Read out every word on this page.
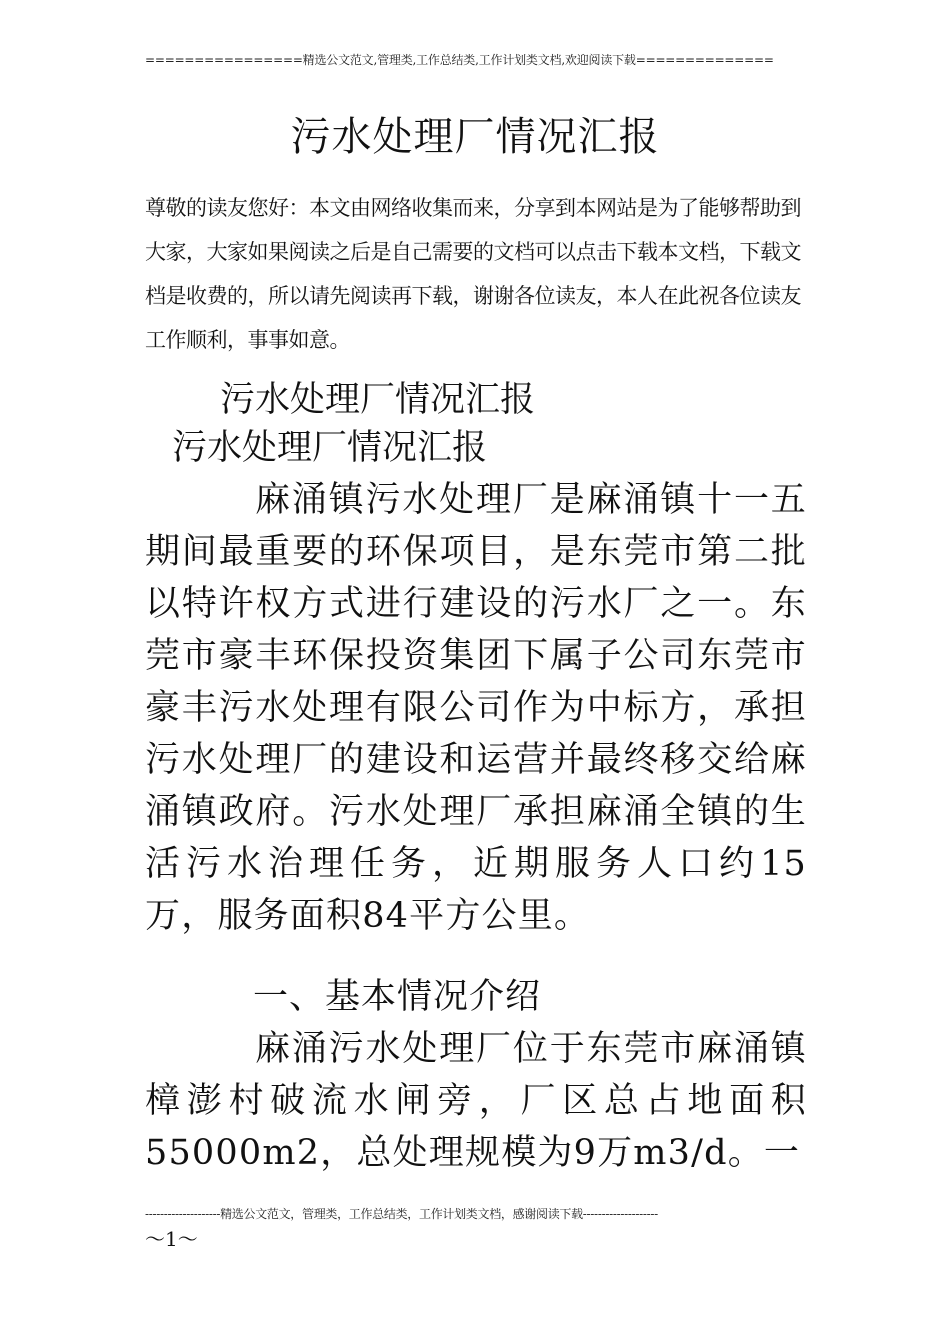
================精选公文范文,管理类,工作总结类,工作计划类文档,欢迎阅读下载==============
污水处理厂情况汇报
尊敬的读友您好：本文由网络收集而来，分享到本网站是为了能够帮助到大家，大家如果阅读之后是自己需要的文档可以点击下载本文档，下载文档是收费的，所以请先阅读再下载，谢谢各位读友，本人在此祝各位读友工作顺利，事事如意。
污水处理厂情况汇报
污水处理厂情况汇报
麻涌镇污水处理厂是麻涌镇十一五期间最重要的环保项目，是东莞市第二批以特许权方式进行建设的污水厂之一。东莞市豪丰环保投资集团下属子公司东莞市豪丰污水处理有限公司作为中标方，承担污水处理厂的建设和运营并最终移交给麻涌镇政府。污水处理厂承担麻涌全镇的生活污水治理任务，近期服务人口约15万，服务面积84平方公里。
一、基本情况介绍
麻涌污水处理厂位于东莞市麻涌镇樟澎村破流水闸旁，厂区总占地面积55000m2，总处理规模为9万m3/d。一
--------------------精选公文范文，管理类，工作总结类，工作计划类文档，感谢阅读下载--------------------
～1～
